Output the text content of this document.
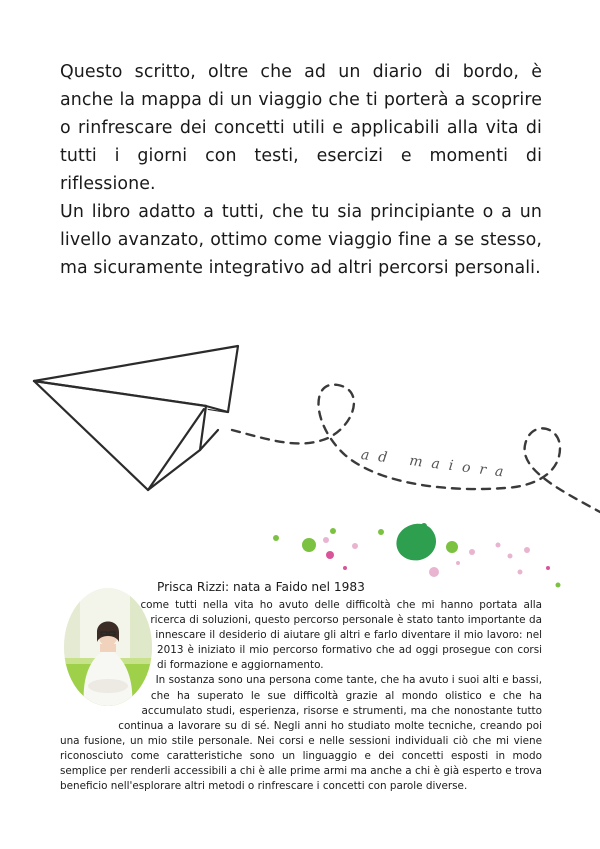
Questo scritto, oltre che ad un diario di bordo, è anche la mappa di un viaggio che ti porterà a scoprire o rinfrescare dei concetti utili e applicabili alla vita di tutti i giorni con testi, esercizi e momenti di riflessione.

Un libro adatto a tutti, che tu sia principiante o a un livello avanzato, ottimo come viaggio fine a se stesso, ma sicuramente integrativo ad altri percorsi personali.

ad maiora
Prisca Rizzi: nata a Faido nel 1983

come tutti nella vita ho avuto delle difficoltà che mi hanno portata alla ricerca di soluzioni, questo percorso personale è stato tanto importante da innescare il desiderio di aiutare gli altri e farlo diventare il mio lavoro: nel 2013 è iniziato il mio percorso formativo che ad oggi prosegue con corsi di formazione e aggiornamento.

In sostanza sono una persona come tante, che ha avuto i suoi alti e bassi, che ha superato le sue difficoltà grazie al mondo olistico e che ha accumulato studi, esperienza, risorse e strumenti, ma che nonostante tutto continua a lavorare su di sé. Negli anni ho studiato molte tecniche, creando poi una fusione, un mio stile personale. Nei corsi e nelle sessioni individuali ciò che mi viene riconosciuto come caratteristiche sono un linguaggio e dei concetti esposti in modo semplice per renderli accessibili a chi è alle prime armi ma anche a chi è già esperto e trova beneficio nell'esplorare altri metodi o rinfrescare i concetti con parole diverse.
